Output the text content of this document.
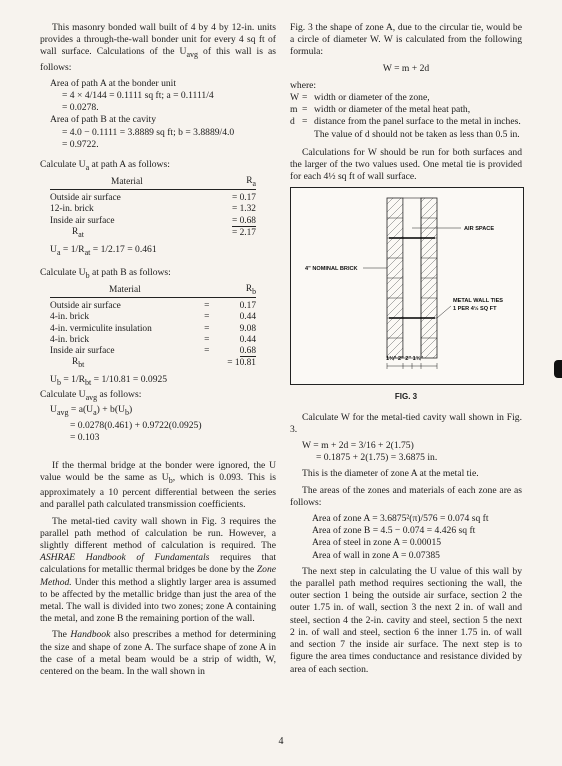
This masonry bonded wall built of 4 by 4 by 12-in. units provides a through-the-wall bonder unit for every 4 sq ft of wall surface. Calculations of the $U_{avg}$ of this wall is as follows:

Area of path A at the bonder unit
= 4 × 4/144 = 0.1111 sq ft; a = 0.1111/4
= 0.0278.
Area of path B at the cavity
= 4.0 − 0.1111 = 3.8889 sq ft; b = 3.8889/4.0
= 0.9722.
Calculate $U_a$ at path A as follows:
Material		$R_a$

Outside air surface		= 0.17
12-in. brick		= 1.32
Inside air surface		= 0.68
$R_{at}$		= 2.17
$U_a = 1/R_{at} = 1/2.17 = 0.461$
Calculate $U_b$ at path B as follows:
Material		$R_b$

Outside air surface	=	0.17
4-in. brick	=	0.44
4-in. vermiculite insulation	=	9.08
4-in. brick	=	0.44
Inside air surface	=	0.68
$R_{bt}$		= 10.81
$U_b = 1/R_{bt} = 1/10.81 = 0.0925$
Calculate $U_{avg}$ as follows:
$U_{avg} = a(U_a) + b(U_b)$
= 0.0278(0.461) + 0.9722(0.0925)
= 0.103

If the thermal bridge at the bonder were ignored, the U value would be the same as $U_b$, which is 0.093. This is approximately a 10 percent differential between the series and parallel path calculated transmission coefficients.

The metal-tied cavity wall shown in Fig. 3 requires the parallel path method of calculation be run. However, a slightly different method of calculation is required. The ASHRAE Handbook of Fundamentals requires that calculations for metallic thermal bridges be done by the Zone Method. Under this method a slightly larger area is assumed to be affected by the metallic bridge than just the area of the metal. The wall is divided into two zones; zone A containing the metal, and zone B the remaining portion of the wall.

The Handbook also prescribes a method for determining the size and shape of zone A. The surface shape of zone A in the case of a metal beam would be a strip of width, W, centered on the beam. In the wall shown in

Fig. 3 the shape of zone A, due to the circular tie, would be a circle of diameter W. W is calculated from the following formula:

W = m + 2d
where:
W = width or diameter of the zone,
m = width or diameter of the metal heat path,
d = distance from the panel surface to the metal in inches. The value of d should not be taken as less than 0.5 in.

Calculations for W should be run for both surfaces and the larger of the two values used. One metal tie is provided for each 4½ sq ft of wall surface.

AIR SPACE
4" NOMINAL BRICK
METAL WALL TIES
1 PER 4½ SQ FT
1¾" 2" 2" 1¾"
FIG. 3

Calculate W for the metal-tied cavity wall shown in Fig. 3.

W = m + 2d = 3/16 + 2(1.75)
= 0.1875 + 2(1.75) = 3.6875 in.

This is the diameter of zone A at the metal tie.

The areas of the zones and materials of each zone are as follows:

Area of zone A = 3.6875²(π)/576 = 0.074 sq ft
Area of zone B = 4.5 − 0.074 = 4.426 sq ft
Area of steel in zone A = 0.00015
Area of wall in zone A = 0.07385

The next step in calculating the U value of this wall by the parallel path method requires sectioning the wall, the outer section 1 being the outside air surface, section 2 the outer 1.75 in. of wall, section 3 the next 2 in. of wall and steel, section 4 the 2-in. cavity and steel, section 5 the next 2 in. of wall and steel, section 6 the inner 1.75 in. of wall and section 7 the inside air surface. The next step is to figure the area times conductance and resistance divided by area of each section.

4
